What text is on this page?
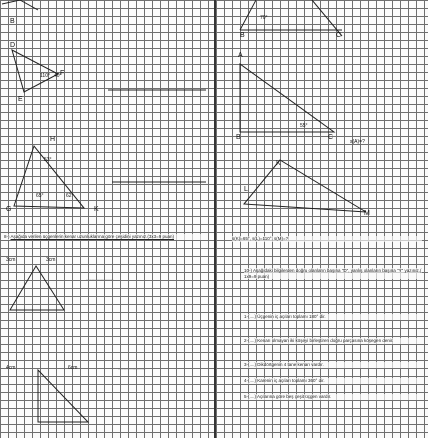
B
D
F
E
110° 40°
H
53°
65°	62°
G	K
B	C
70°
A
B	C
55°
s(A)=?
K
L
M
8-) Aşağıda verilen üçgenlerin kenar uzunluklarına göre çeşidini yazınız.(3x3=9 puan)
3cm	3cm
..............................
4cm	6cm	..............................
s(K)=65°, s(L)=110°, s(M)=?
10-) Aşağıdaki bilgilerden doğru olanların başına "D", yanlış olanların başına "Y" yazınız.( 1x9=9 puan)
1-(....) Üçgenin iç açıları toplamı 180° dir.
2-(....) Kenarı olmayan iki köşeyi birleştiren doğru parçasına köşegen denir.
3-(....) Dikdörtgenin 4 tane kenarı vardır.
4-(....) Karenin iç açıları toplamı 360° dir.
5-(....) Açılarına göre beş çeşit üçgen vardır.
